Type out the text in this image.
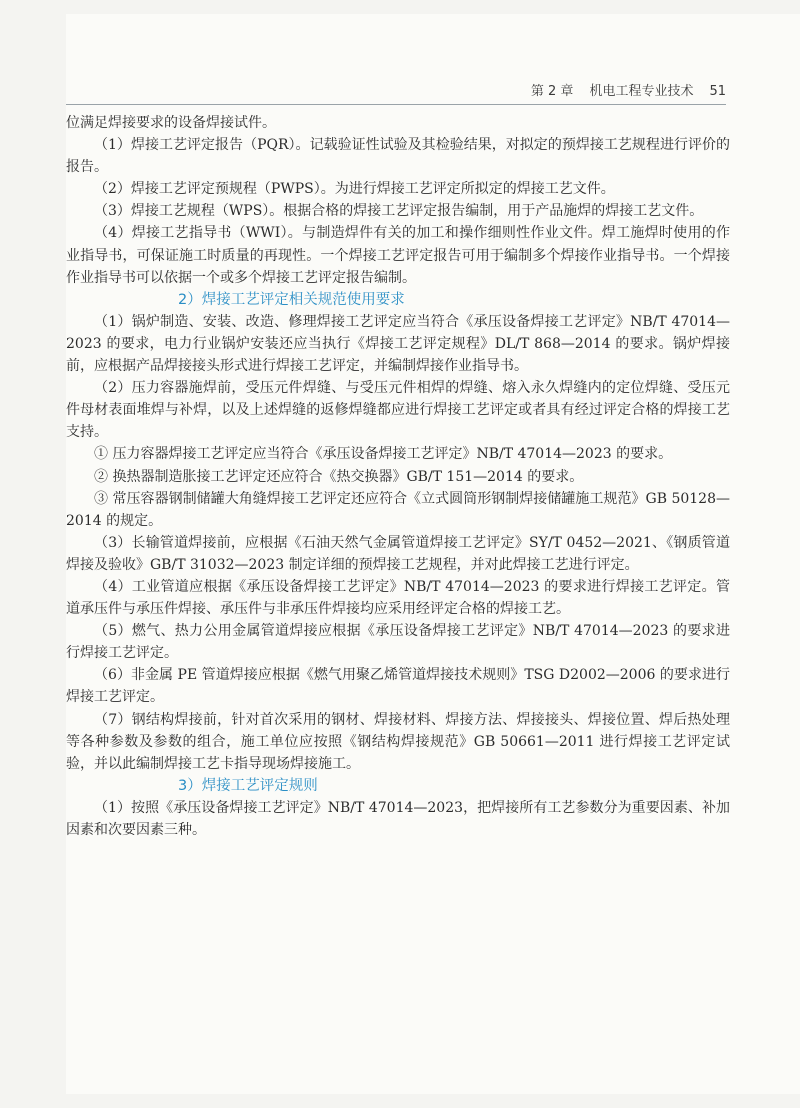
第 2 章 机电工程专业技术 51

位满足焊接要求的设备焊接试件。

（1）焊接工艺评定报告（PQR）。记载验证性试验及其检验结果，对拟定的预焊接工艺规程进行评价的报告。

（2）焊接工艺评定预规程（PWPS）。为进行焊接工艺评定所拟定的焊接工艺文件。

（3）焊接工艺规程（WPS）。根据合格的焊接工艺评定报告编制，用于产品施焊的焊接工艺文件。

（4）焊接工艺指导书（WWI）。与制造焊件有关的加工和操作细则性作业文件。焊工施焊时使用的作业指导书，可保证施工时质量的再现性。一个焊接工艺评定报告可用于编制多个焊接作业指导书。一个焊接作业指导书可以依据一个或多个焊接工艺评定报告编制。

2）焊接工艺评定相关规范使用要求

（1）锅炉制造、安装、改造、修理焊接工艺评定应当符合《承压设备焊接工艺评定》NB/T 47014—2023 的要求，电力行业锅炉安装还应当执行《焊接工艺评定规程》DL/T 868—2014 的要求。锅炉焊接前，应根据产品焊接接头形式进行焊接工艺评定，并编制焊接作业指导书。

（2）压力容器施焊前，受压元件焊缝、与受压元件相焊的焊缝、熔入永久焊缝内的定位焊缝、受压元件母材表面堆焊与补焊，以及上述焊缝的返修焊缝都应进行焊接工艺评定或者具有经过评定合格的焊接工艺支持。

① 压力容器焊接工艺评定应当符合《承压设备焊接工艺评定》NB/T 47014—2023 的要求。

② 换热器制造胀接工艺评定还应符合《热交换器》GB/T 151—2014 的要求。

③ 常压容器钢制储罐大角缝焊接工艺评定还应符合《立式圆筒形钢制焊接储罐施工规范》GB 50128—2014 的规定。

（3）长输管道焊接前，应根据《石油天然气金属管道焊接工艺评定》SY/T 0452—2021、《钢质管道焊接及验收》GB/T 31032—2023 制定详细的预焊接工艺规程，并对此焊接工艺进行评定。

（4）工业管道应根据《承压设备焊接工艺评定》NB/T 47014—2023 的要求进行焊接工艺评定。管道承压件与承压件焊接、承压件与非承压件焊接均应采用经评定合格的焊接工艺。

（5）燃气、热力公用金属管道焊接应根据《承压设备焊接工艺评定》NB/T 47014—2023 的要求进行焊接工艺评定。

（6）非金属 PE 管道焊接应根据《燃气用聚乙烯管道焊接技术规则》TSG D2002—2006 的要求进行焊接工艺评定。

（7）钢结构焊接前，针对首次采用的钢材、焊接材料、焊接方法、焊接接头、焊接位置、焊后热处理等各种参数及参数的组合，施工单位应按照《钢结构焊接规范》GB 50661—2011 进行焊接工艺评定试验，并以此编制焊接工艺卡指导现场焊接施工。

3）焊接工艺评定规则

（1）按照《承压设备焊接工艺评定》NB/T 47014—2023，把焊接所有工艺参数分为重要因素、补加因素和次要因素三种。
